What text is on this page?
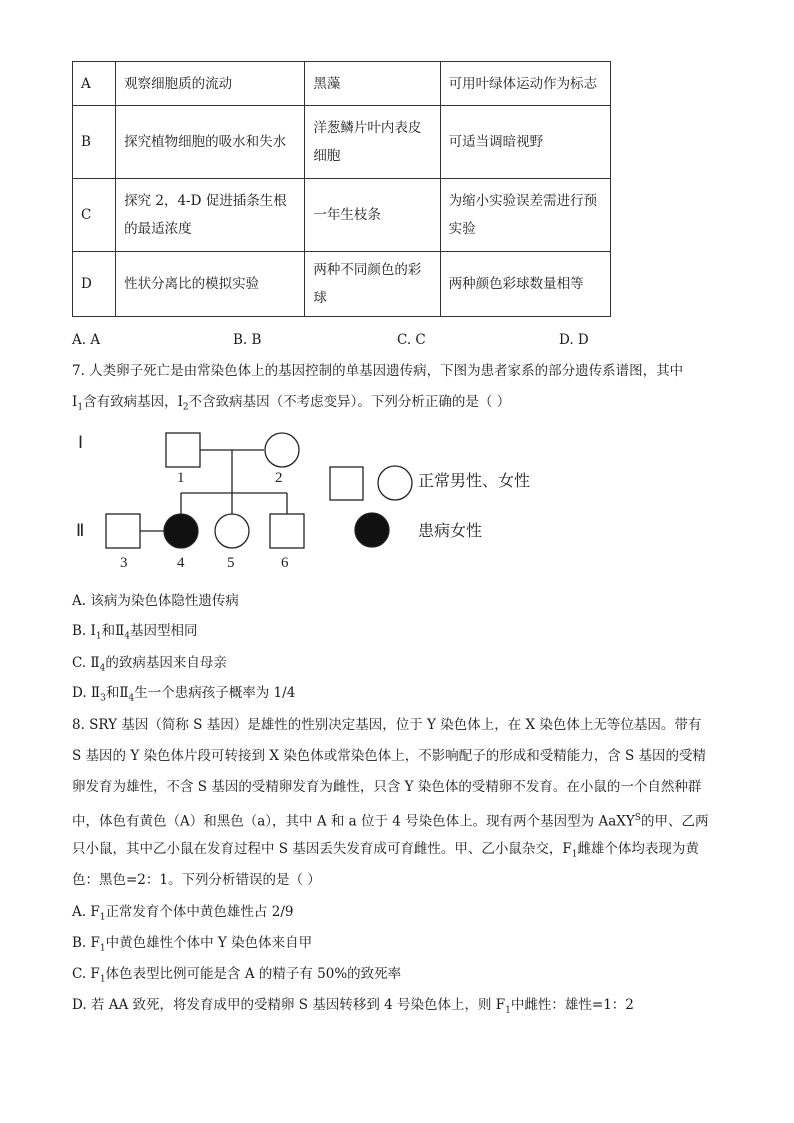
A	观察细胞质的流动	黑藻	可用叶绿体运动作为标志
B	探究植物细胞的吸水和失水	洋葱鳞片叶内表皮细胞	可适当调暗视野
C	探究 2，4-D 促进插条生根的最适浓度	一年生枝条	为缩小实验误差需进行预实验
D	性状分离比的模拟实验	两种不同颜色的彩球	两种颜色彩球数量相等
A. A	B. B	C. C	D. D
7. 人类卵子死亡是由常染色体上的基因控制的单基因遗传病，下图为患者家系的部分遗传系谱图，其中
$Ⅰ_1$含有致病基因，$Ⅰ_2$不含致病基因（不考虑变异）。下列分析正确的是（ ）
Ⅰ
Ⅱ
1	2
3	4	5	6
正常男性、女性
患病女性
A. 该病为染色体隐性遗传病
B. $Ⅰ_1$和$Ⅱ_4$基因型相同
C. $Ⅱ_4$的致病基因来自母亲
D. $Ⅱ_3$和$Ⅱ_4$生一个患病孩子概率为 1/4
8. SRY 基因（简称 S 基因）是雄性的性别决定基因，位于 Y 染色体上，在 X 染色体上无等位基因。带有
S 基因的 Y 染色体片段可转接到 X 染色体或常染色体上，不影响配子的形成和受精能力，含 S 基因的受精
卵发育为雄性，不含 S 基因的受精卵发育为雌性，只含 Y 染色体的受精卵不发育。在小鼠的一个自然种群
中，体色有黄色（A）和黑色（a），其中 A 和 a 位于 4 号染色体上。现有两个基因型为 AaXY$^S$的甲、乙两
只小鼠，其中乙小鼠在发育过程中 S 基因丢失发育成可育雌性。甲、乙小鼠杂交，$F_1$雌雄个体均表现为黄
色：黑色=2：1。下列分析错误的是（ ）
A. $F_1$正常发育个体中黄色雄性占 2/9
B. $F_1$中黄色雄性个体中 Y 染色体来自甲
C. $F_1$体色表型比例可能是含 A 的精子有 50%的致死率
D. 若 AA 致死，将发育成甲的受精卵 S 基因转移到 4 号染色体上，则 $F_1$中雌性：雄性=1：2
